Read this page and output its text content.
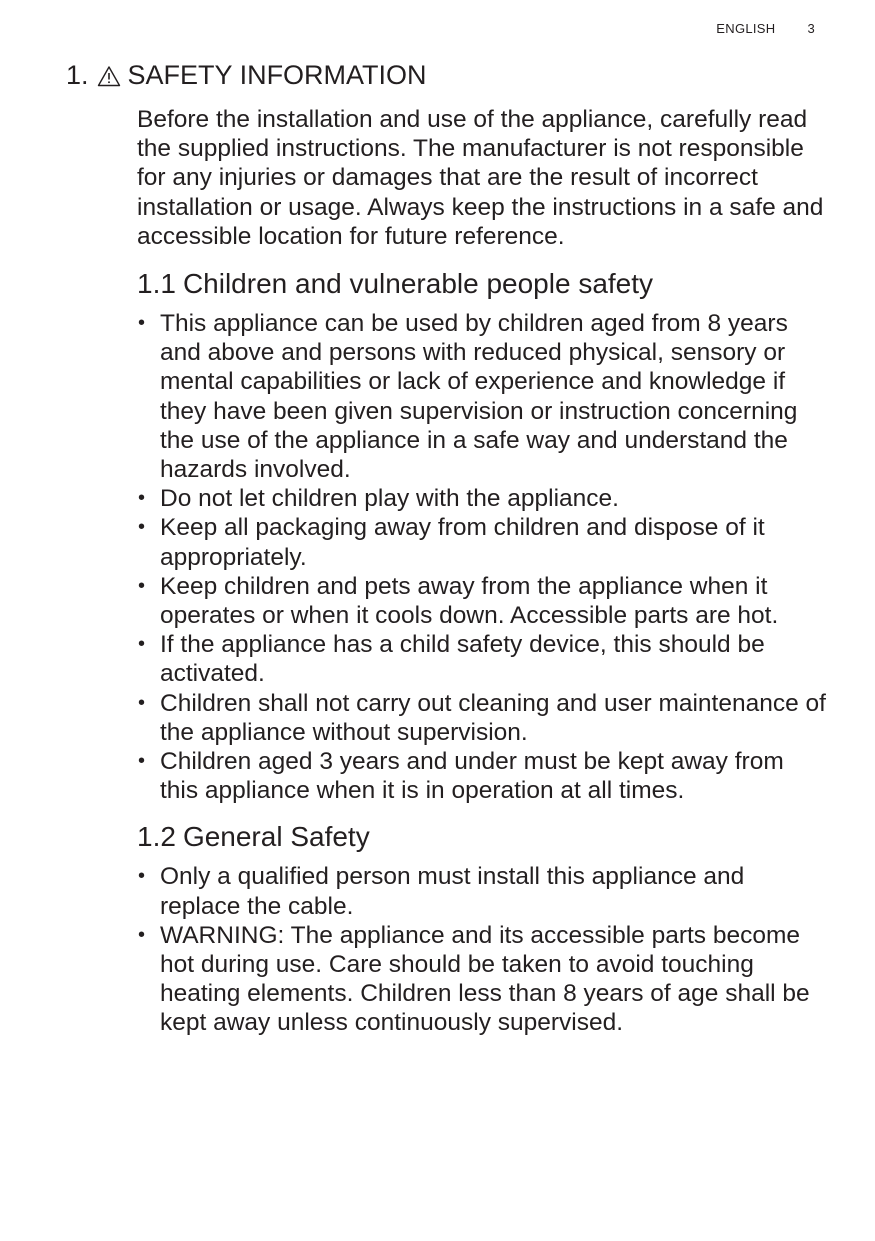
ENGLISH 3
1. SAFETY INFORMATION

Before the installation and use of the appliance, carefully read the supplied instructions. The manufacturer is not responsible for any injuries or damages that are the result of incorrect installation or usage. Always keep the instructions in a safe and accessible location for future reference.

1.1 Children and vulnerable people safety
• This appliance can be used by children aged from 8 years and above and persons with reduced physical, sensory or mental capabilities or lack of experience and knowledge if they have been given supervision or instruction concerning the use of the appliance in a safe way and understand the hazards involved.
• Do not let children play with the appliance.
• Keep all packaging away from children and dispose of it appropriately.
• Keep children and pets away from the appliance when it operates or when it cools down. Accessible parts are hot.
• If the appliance has a child safety device, this should be activated.
• Children shall not carry out cleaning and user maintenance of the appliance without supervision.
• Children aged 3 years and under must be kept away from this appliance when it is in operation at all times.
1.2 General Safety
• Only a qualified person must install this appliance and replace the cable.
• WARNING: The appliance and its accessible parts become hot during use. Care should be taken to avoid touching heating elements. Children less than 8 years of age shall be kept away unless continuously supervised.
